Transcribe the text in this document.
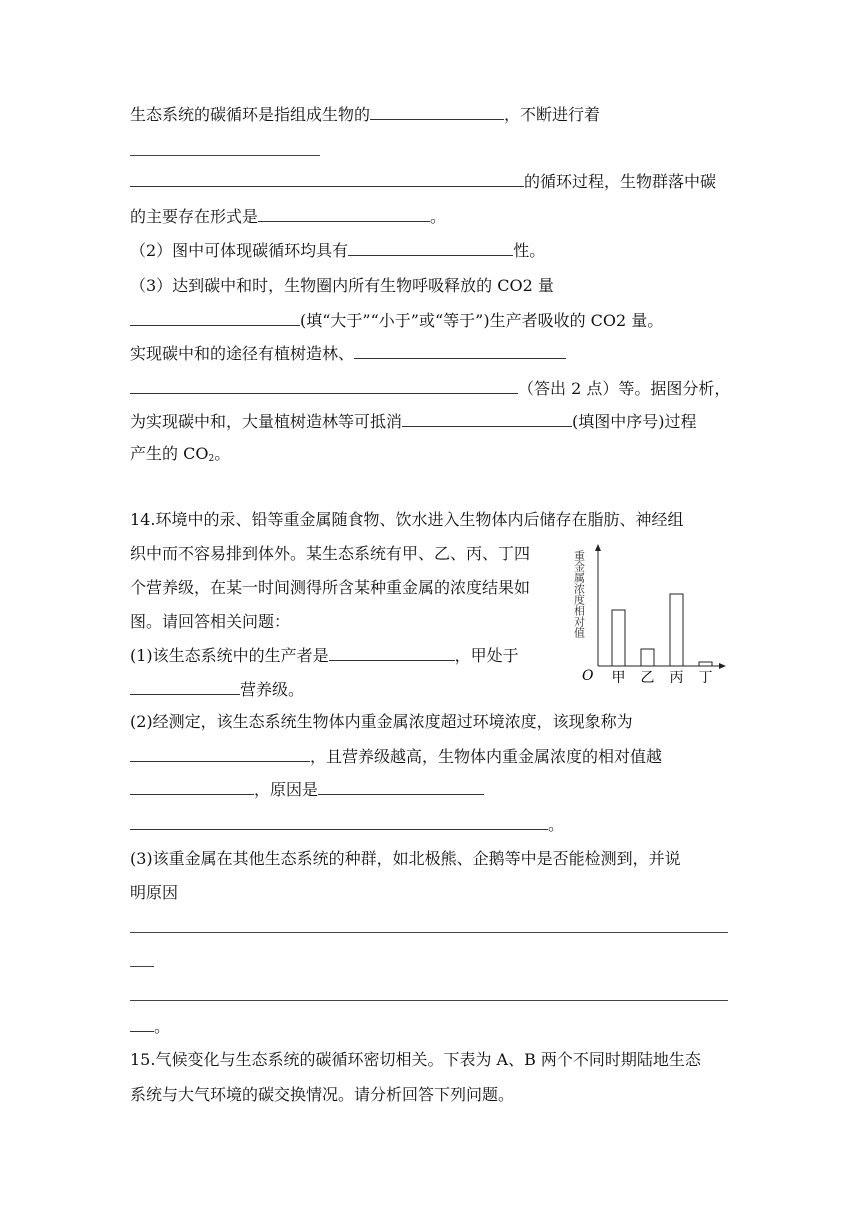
生态系统的碳循环是指组成生物的	，不断进行着
的循环过程，生物群落中碳
的主要存在形式是	。
（2）图中可体现碳循环均具有	性。
（3）达到碳中和时，生物圈内所有生物呼吸释放的 CO2 量
(填“大于”“小于”或“等于”)生产者吸收的 CO2 量。
实现碳中和的途径有植树造林、
（答出 2 点）等。据图分析，
为实现碳中和，大量植树造林等可抵消	(填图中序号)过程
产生的 $CO_2$。
14.环境中的汞、铅等重金属随食物、饮水进入生物体内后储存在脂肪、神经组
织中而不容易排到体外。某生态系统有甲、乙、丙、丁四
个营养级，在某一时间测得所含某种重金属的浓度结果如
图。请回答相关问题：
(1)该生态系统中的生产者是	，甲处于
营养级。
(2)经测定，该生态系统生物体内重金属浓度超过环境浓度，该现象称为
，且营养级越高，生物体内重金属浓度的相对值越
，原因是
。
(3)该重金属在其他生态系统的种群，如北极熊、企鹅等中是否能检测到，并说
明原因
。
15.气候变化与生态系统的碳循环密切相关。下表为 A、B 两个不同时期陆地生态
系统与大气环境的碳交换情况。请分析回答下列问题。
O
重金属浓度相对值
甲 乙 丙 丁
